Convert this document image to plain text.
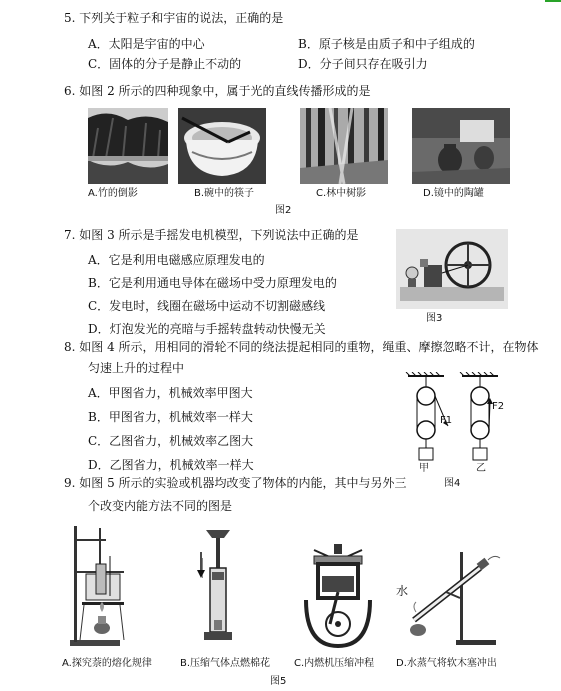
5. 下列关于粒子和宇宙的说法，正确的是
A．太阳是宇宙的中心	B．原子核是由质子和中子组成的
C．固体的分子是静止不动的	D．分子间只存在吸引力
6. 如图 2 所示的四种现象中，属于光的直线传播形成的是
A.竹的倒影	B.碗中的筷子	C.林中树影	D.镜中的陶罐
图2
7. 如图 3 所示是手摇发电机模型，下列说法中正确的是
A．它是利用电磁感应原理发电的
B．它是利用通电导体在磁场中受力原理发电的
C．发电时，线圈在磁场中运动不切割磁感线
D．灯泡发光的亮暗与手摇转盘转动快慢无关
图3
8. 如图 4 所示，用相同的滑轮不同的绕法提起相同的重物，绳重、摩擦忽略不计，在物体
匀速上升的过程中
A．甲图省力，机械效率甲图大
B．甲图省力，机械效率一样大
C．乙图省力，机械效率乙图大
D．乙图省力，机械效率一样大
F1
F2
甲	乙
图4
9. 如图 5 所示的实验或机器均改变了物体的内能，其中与另外三
个改变内能方法不同的图是
水
A.探究萘的熔化规律	B.压缩气体点燃棉花 C.内燃机压缩冲程 D.水蒸气将软木塞冲出
图5
